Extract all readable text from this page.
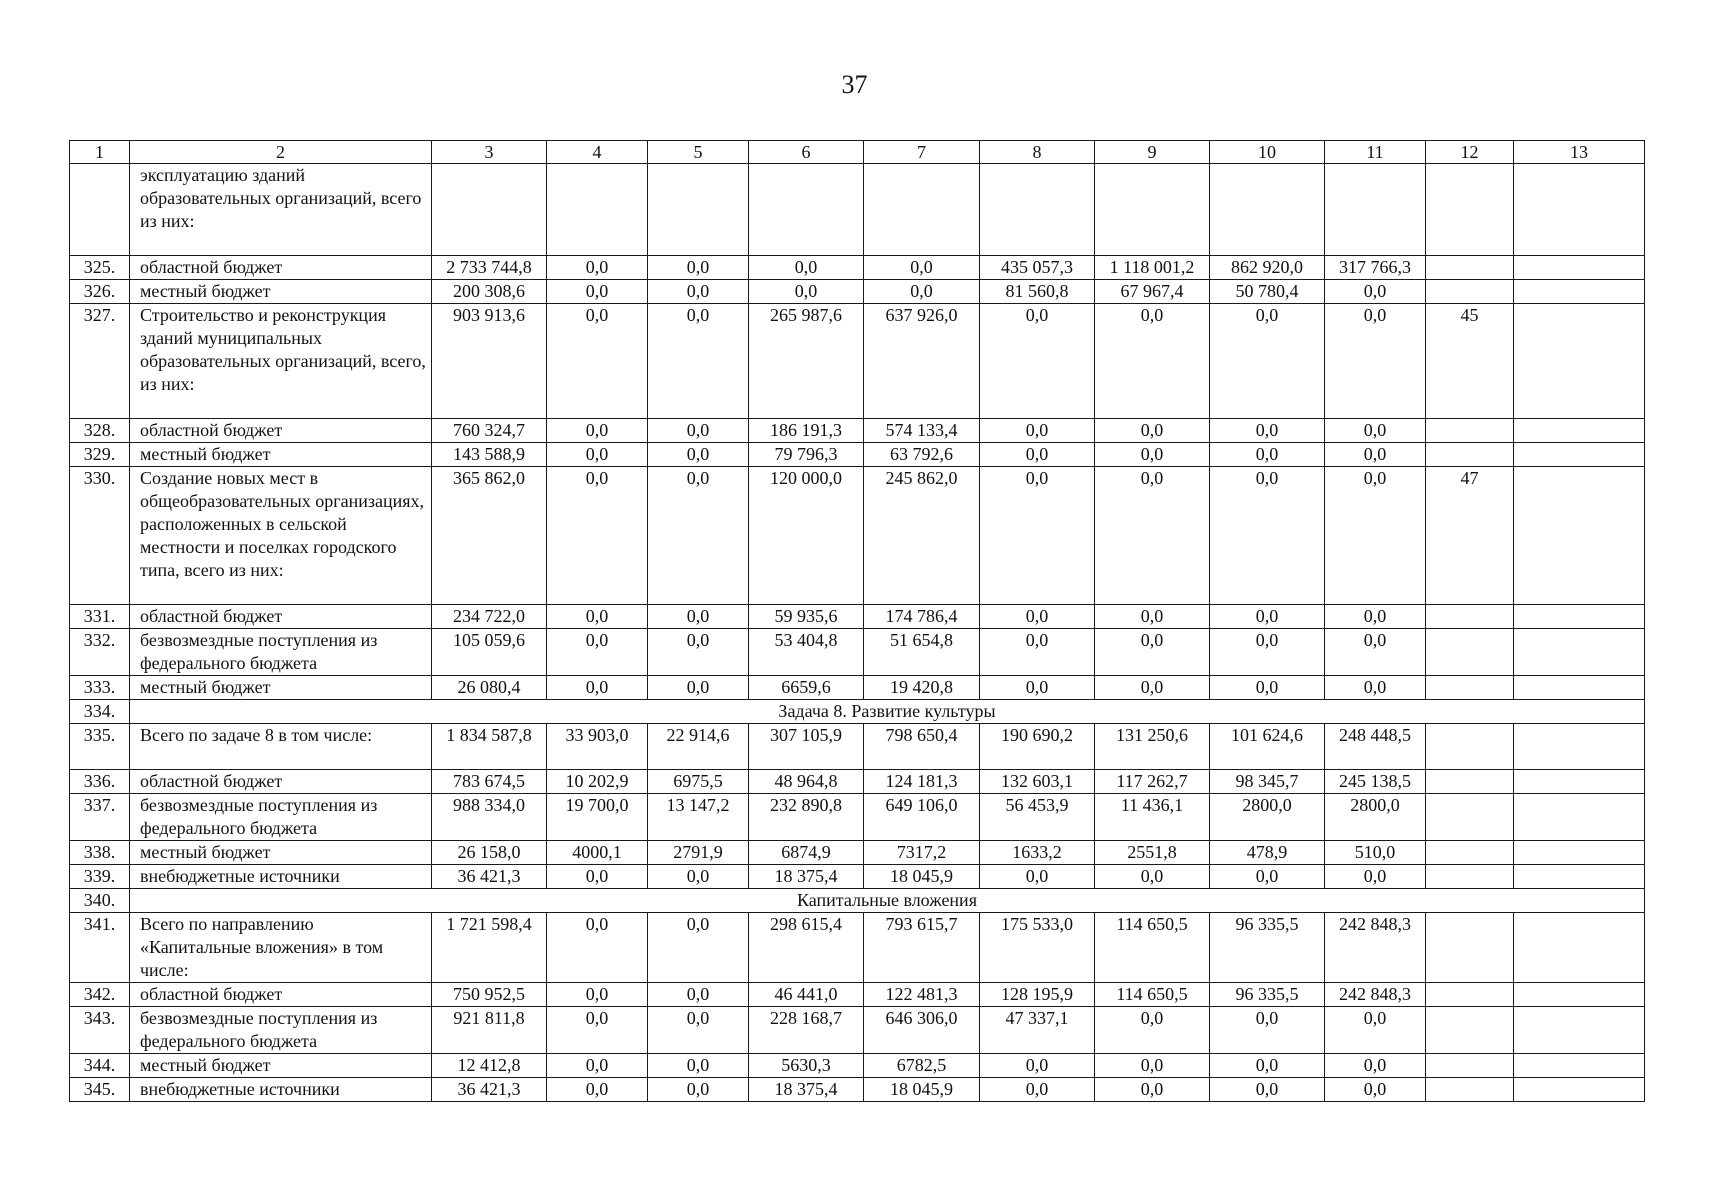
37
1	2	3	4	5	6	7	8	9	10	11	12	13
	эксплуатацию зданий образовательных организаций, всего из них:											
325.	областной бюджет	2 733 744,8	0,0	0,0	0,0	0,0	435 057,3	1 118 001,2	862 920,0	317 766,3		
326.	местный бюджет	200 308,6	0,0	0,0	0,0	0,0	81 560,8	67 967,4	50 780,4	0,0		
327.	Строительство и реконструкция зданий муниципальных образовательных организаций, всего, из них:	903 913,6	0,0	0,0	265 987,6	637 926,0	0,0	0,0	0,0	0,0	45	
328.	областной бюджет	760 324,7	0,0	0,0	186 191,3	574 133,4	0,0	0,0	0,0	0,0		
329.	местный бюджет	143 588,9	0,0	0,0	79 796,3	63 792,6	0,0	0,0	0,0	0,0		
330.	Создание новых мест в общеобразовательных организациях, расположенных в сельской местности и поселках городского типа, всего из них:	365 862,0	0,0	0,0	120 000,0	245 862,0	0,0	0,0	0,0	0,0	47	
331.	областной бюджет	234 722,0	0,0	0,0	59 935,6	174 786,4	0,0	0,0	0,0	0,0		
332.	безвозмездные поступления из федерального бюджета	105 059,6	0,0	0,0	53 404,8	51 654,8	0,0	0,0	0,0	0,0		
333.	местный бюджет	26 080,4	0,0	0,0	6659,6	19 420,8	0,0	0,0	0,0	0,0		
334.	Задача 8. Развитие культуры											
335.	Всего по задаче 8 в том числе:	1 834 587,8	33 903,0	22 914,6	307 105,9	798 650,4	190 690,2	131 250,6	101 624,6	248 448,5		
336.	областной бюджет	783 674,5	10 202,9	6975,5	48 964,8	124 181,3	132 603,1	117 262,7	98 345,7	245 138,5		
337.	безвозмездные поступления из федерального бюджета	988 334,0	19 700,0	13 147,2	232 890,8	649 106,0	56 453,9	11 436,1	2800,0	2800,0		
338.	местный бюджет	26 158,0	4000,1	2791,9	6874,9	7317,2	1633,2	2551,8	478,9	510,0		
339.	внебюджетные источники	36 421,3	0,0	0,0	18 375,4	18 045,9	0,0	0,0	0,0	0,0		
340.	Капитальные вложения											
341.	Всего по направлению «Капитальные вложения» в том числе:	1 721 598,4	0,0	0,0	298 615,4	793 615,7	175 533,0	114 650,5	96 335,5	242 848,3		
342.	областной бюджет	750 952,5	0,0	0,0	46 441,0	122 481,3	128 195,9	114 650,5	96 335,5	242 848,3		
343.	безвозмездные поступления из федерального бюджета	921 811,8	0,0	0,0	228 168,7	646 306,0	47 337,1	0,0	0,0	0,0		
344.	местный бюджет	12 412,8	0,0	0,0	5630,3	6782,5	0,0	0,0	0,0	0,0		
345.	внебюджетные источники	36 421,3	0,0	0,0	18 375,4	18 045,9	0,0	0,0	0,0	0,0		
